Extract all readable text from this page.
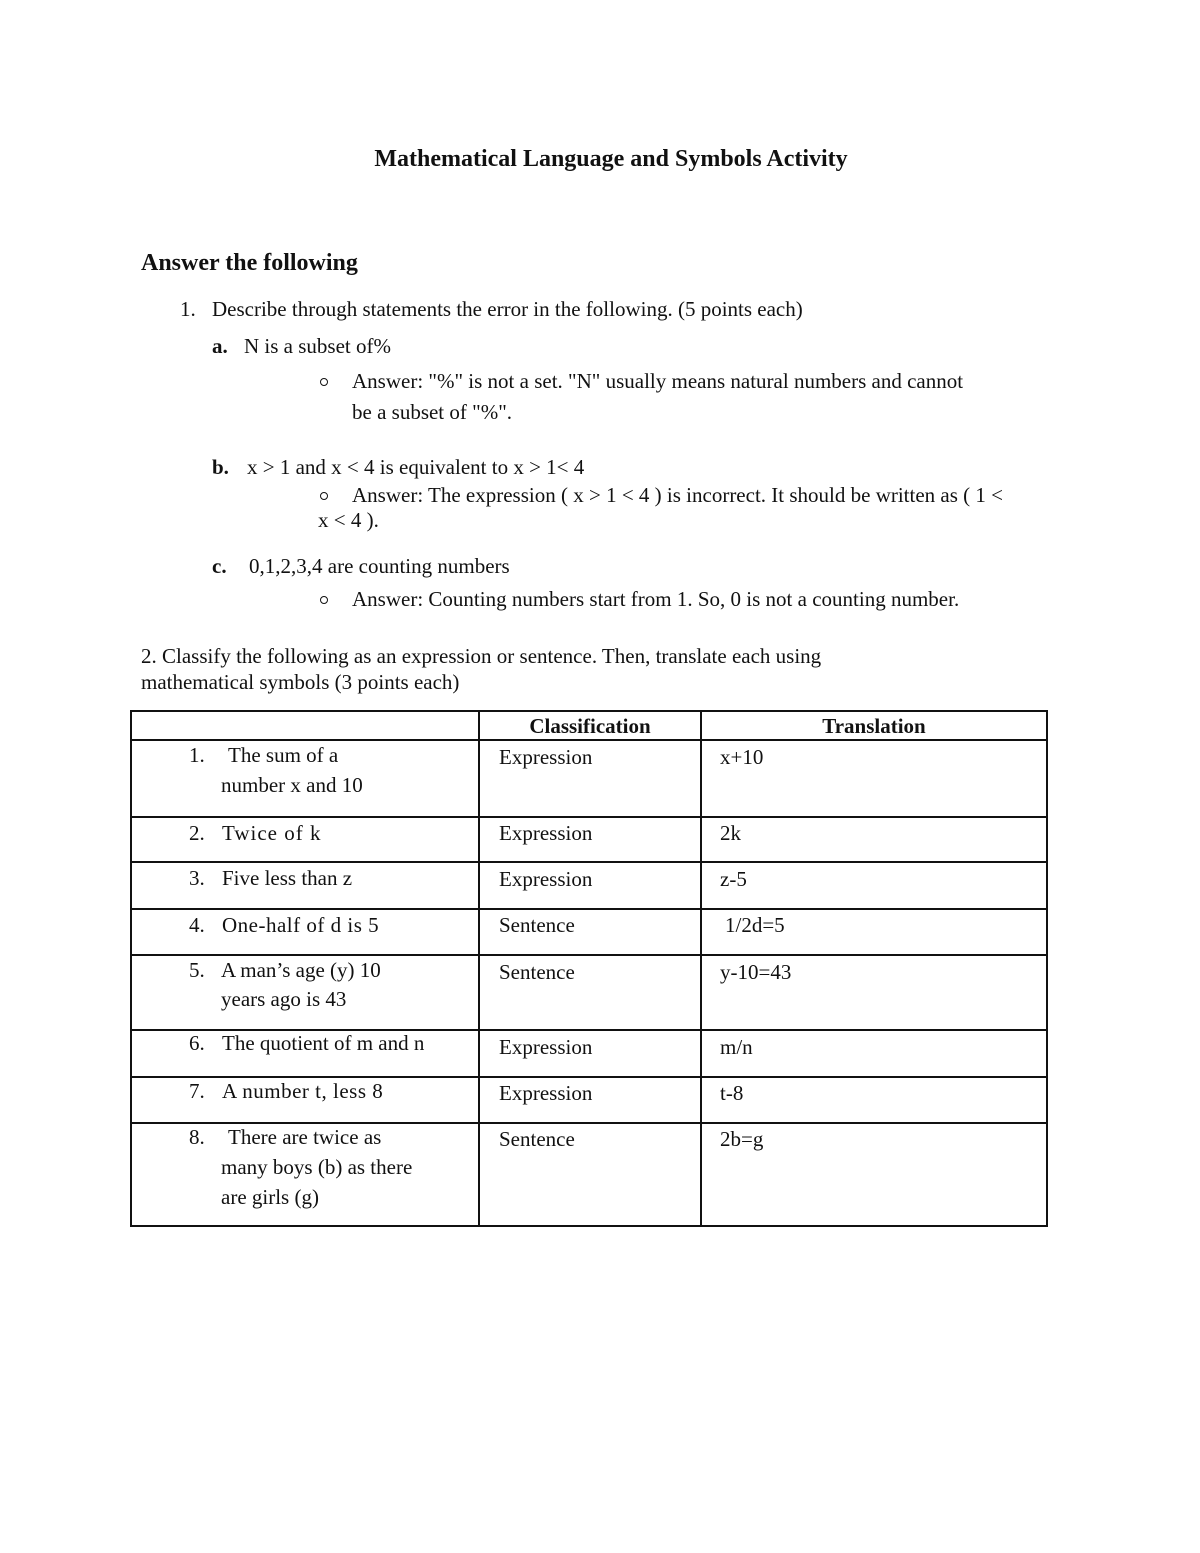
Mathematical Language and Symbols Activity
Answer the following
1. Describe through statements the error in the following. (5 points each)
a. N is a subset of%
Answer: "%" is not a set. "N" usually means natural numbers and cannot
be a subset of "%".
b. x > 1 and x < 4 is equivalent to x > 1< 4
Answer: The expression ( x > 1 < 4 ) is incorrect. It should be written as ( 1 <
x < 4 ).
c. 0,1,2,3,4 are counting numbers
Answer: Counting numbers start from 1. So, 0 is not a counting number.
2. Classify the following as an expression or sentence. Then, translate each using
mathematical symbols (3 points each)
Classification	Translation
1. The sum of a
number x and 10
Expression	x+10
2. Twice of k	Expression	2k
3. Five less than z	Expression	z-5
4. One-half of d is 5	Sentence	1/2d=5
5. A man’s age (y) 10
years ago is 43
Sentence	y-10=43
6. The quotient of m and n	Expression	m/n
7. A number t, less 8	Expression	t-8
8. There are twice as
many boys (b) as there
are girls (g)
Sentence	2b=g
